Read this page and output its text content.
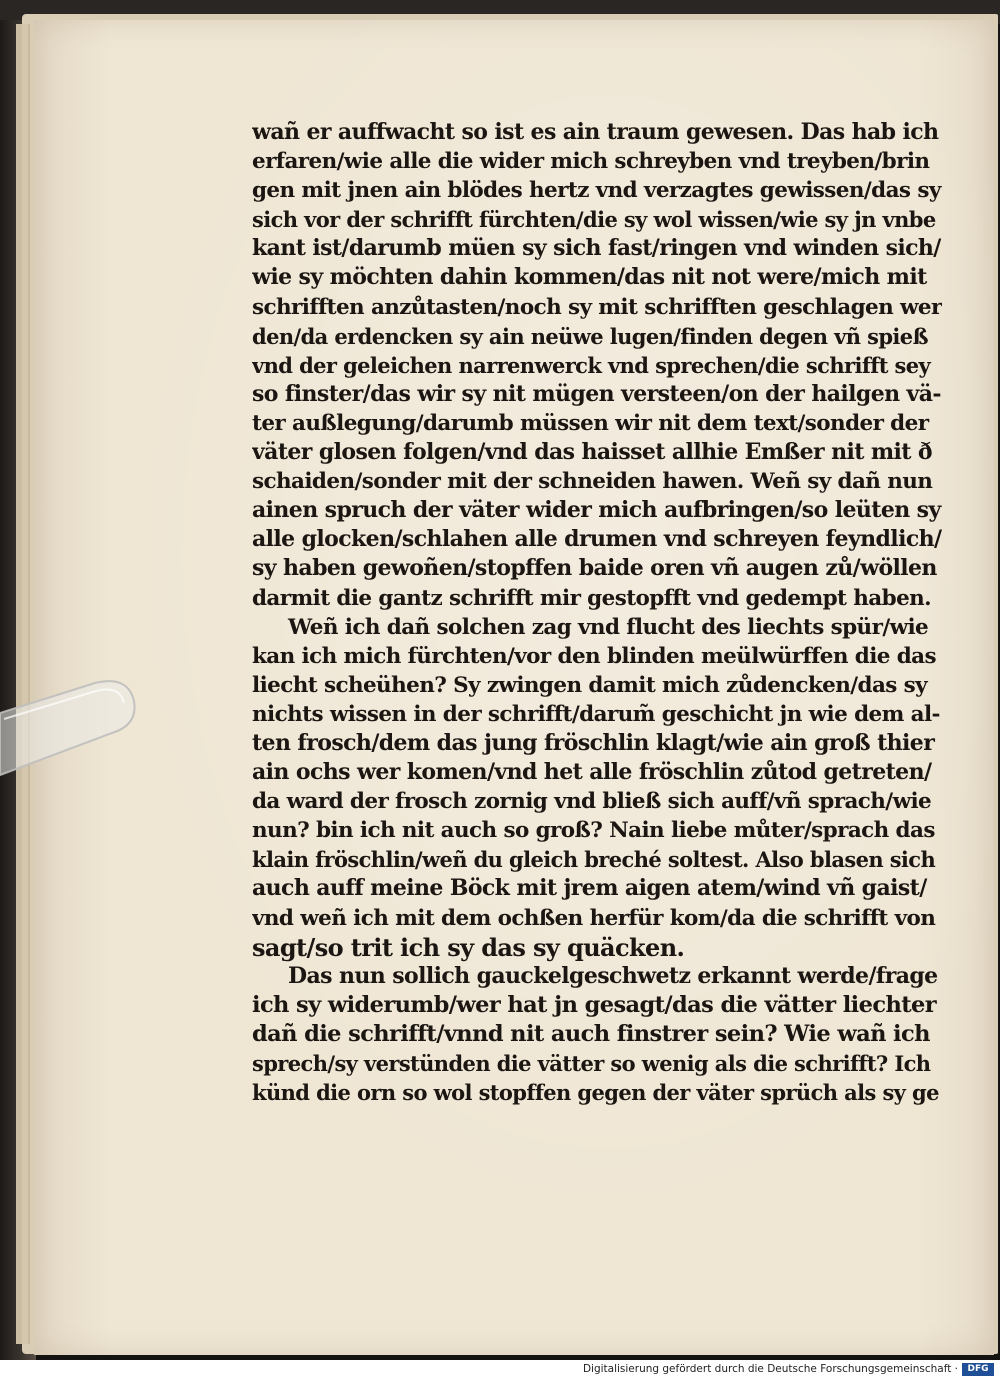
wañ er auffwacht so ist es ain traum gewesen. Das hab ich
erfaren/wie alle die wider mich schreyben vnd treyben/brin
gen mit jnen ain blödes hertz vnd verzagtes gewissen/das sy
sich vor der schrifft fürchten/die sy wol wissen/wie sy jn vnbe
kant ist/darumb müen sy sich fast/ringen vnd winden sich/
wie sy möchten dahin kommen/das nit not were/mich mit
schrifften anzůtasten/noch sy mit schrifften geschlagen wer
den/da erdencken sy ain neüwe lugen/finden degen vñ spieß
vnd der geleichen narrenwerck vnd sprechen/die schrifft sey
so finster/das wir sy nit mügen versteen/on der hailgen vä-
ter außlegung/darumb müssen wir nit dem text/sonder der
väter glosen folgen/vnd das haisset allhie Emßer nit mit ð
schaiden/sonder mit der schneiden hawen. Weñ sy dañ nun
ainen spruch der väter wider mich aufbringen/so leüten sy
alle glocken/schlahen alle drumen vnd schreyen feyndlich/
sy haben gewoñen/stopffen baide oren vñ augen zů/wöllen
darmit die gantz schrifft mir gestopfft vnd gedempt haben.
Weñ ich dañ solchen zag vnd flucht des liechts spür/wie
kan ich mich fürchten/vor den blinden meülwürffen die das
liecht scheühen? Sy zwingen damit mich zůdencken/das sy
nichts wissen in der schrifft/darum̃ geschicht jn wie dem al-
ten frosch/dem das jung fröschlin klagt/wie ain groß thier
ain ochs wer komen/vnd het alle fröschlin zůtod getreten/
da ward der frosch zornig vnd bließ sich auff/vñ sprach/wie
nun? bin ich nit auch so groß? Nain liebe můter/sprach das
klain fröschlin/weñ du gleich breché soltest. Also blasen sich
auch auff meine Böck mit jrem aigen atem/wind vñ gaist/
vnd weñ ich mit dem ochßen herfür kom/da die schrifft von
sagt/so trit ich sy das sy quäcken.
Das nun sollich gauckelgeschwetz erkannt werde/frage
ich sy widerumb/wer hat jn gesagt/das die vätter liechter
dañ die schrifft/vnnd nit auch finstrer sein? Wie wañ ich
sprech/sy verstünden die vätter so wenig als die schrifft? Ich
künd die orn so wol stopffen gegen der väter sprüch als sy ge
Digitalisierung gefördert durch die Deutsche Forschungsgemeinschaft ·	DFG
